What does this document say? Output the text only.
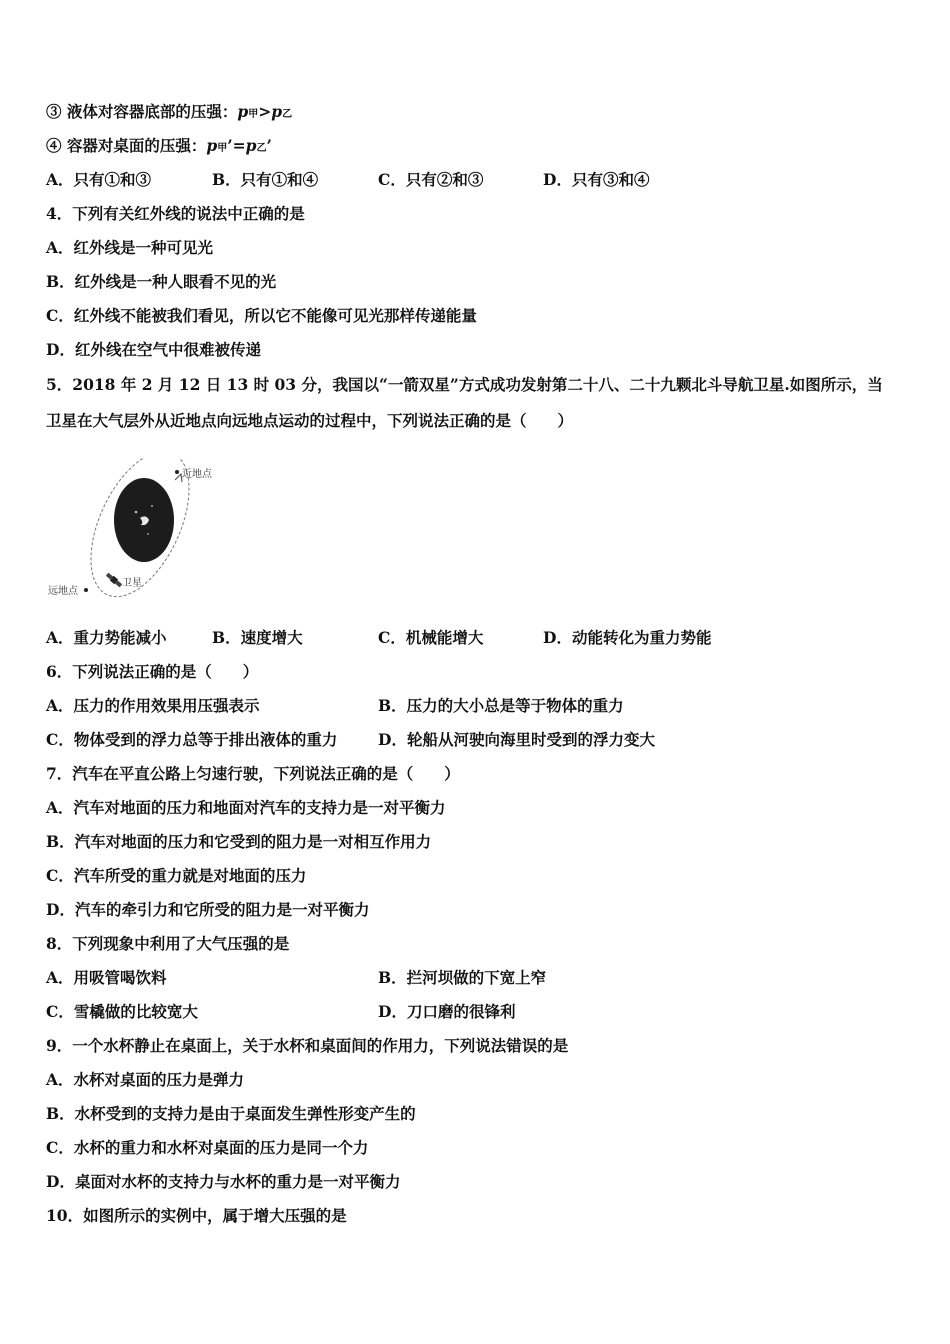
③ 液体对容器底部的压强：p甲>p乙
④ 容器对桌面的压强：p甲’=p乙’
A．只有①和③	B．只有①和④	C．只有②和③	D．只有③和④
4．下列有关红外线的说法中正确的是
A．红外线是一种可见光
B．红外线是一种人眼看不见的光
C．红外线不能被我们看见，所以它不能像可见光那样传递能量
D．红外线在空气中很难被传递
5．2018 年 2 月 12 日 13 时 03 分，我国以“一箭双星”方式成功发射第二十八、二十九颗北斗导航卫星.如图所示，当
卫星在大气层外从近地点向远地点运动的过程中，下列说法正确的是（　　）
近地点
远地点
卫星
A．重力势能减小	B．速度增大	C．机械能增大	D．动能转化为重力势能
6．下列说法正确的是（　　）
A．压力的作用效果用压强表示	B．压力的大小总是等于物体的重力
C．物体受到的浮力总等于排出液体的重力	D．轮船从河驶向海里时受到的浮力变大
7．汽车在平直公路上匀速行驶，下列说法正确的是（　　）
A．汽车对地面的压力和地面对汽车的支持力是一对平衡力
B．汽车对地面的压力和它受到的阻力是一对相互作用力
C．汽车所受的重力就是对地面的压力
D．汽车的牵引力和它所受的阻力是一对平衡力
8．下列现象中利用了大气压强的是
A．用吸管喝饮料	B．拦河坝做的下宽上窄
C．雪橇做的比较宽大	D．刀口磨的很锋利
9．一个水杯静止在桌面上，关于水杯和桌面间的作用力，下列说法错误的是
A．水杯对桌面的压力是弹力
B．水杯受到的支持力是由于桌面发生弹性形变产生的
C．水杯的重力和水杯对桌面的压力是同一个力
D．桌面对水杯的支持力与水杯的重力是一对平衡力
10．如图所示的实例中，属于增大压强的是
